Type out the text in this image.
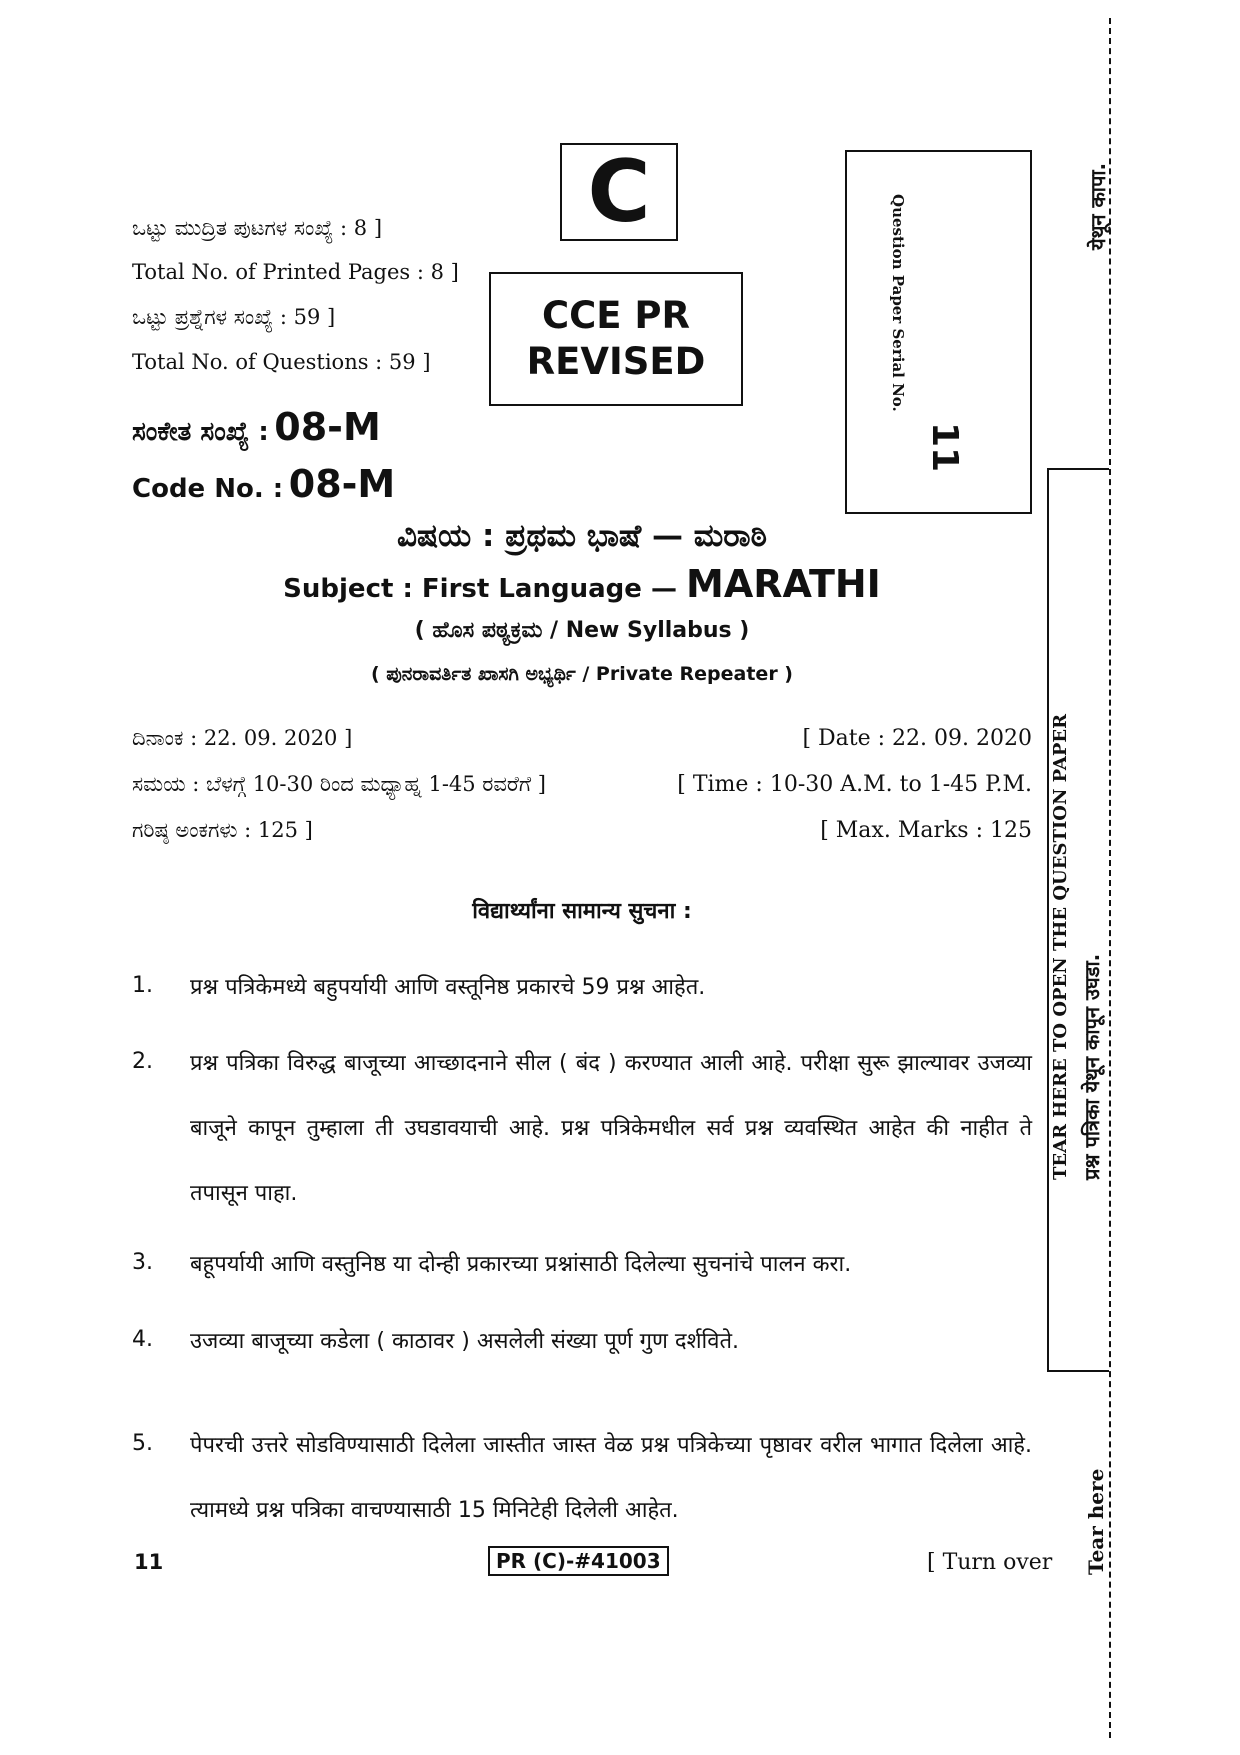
C
CCE PR
REVISED	Question Paper Serial No.
11
ಒಟ್ಟು ಮುದ್ರಿತ ಪುಟಗಳ ಸಂಖ್ಯೆ : 8 ]
Total No. of Printed Pages : 8 ]
ಒಟ್ಟು ಪ್ರಶ್ನೆಗಳ ಸಂಖ್ಯೆ : 59 ]
Total No. of Questions : 59 ]
ಸಂಕೇತ ಸಂಖ್ಯೆ : 08-M
Code No. : 08-M
ವಿಷಯ : ಪ್ರಥಮ ಭಾಷೆ — ಮರಾಠಿ
Subject : First Language — MARATHI
( ಹೊಸ ಪಠ್ಯಕ್ರಮ / New Syllabus )
( ಪುನರಾವರ್ತಿತ ಖಾಸಗಿ ಅಭ್ಯರ್ಥಿ / Private Repeater )
ದಿನಾಂಕ : 22. 09. 2020 ]	[ Date : 22. 09. 2020
ಸಮಯ : ಬೆಳಗ್ಗೆ 10-30 ರಿಂದ ಮಧ್ಯಾಹ್ನ 1-45 ರವರೆಗೆ ]	[ Time : 10-30 A.M. to 1-45 P.M.
ಗರಿಷ್ಠ ಅಂಕಗಳು : 125 ]	[ Max. Marks : 125
विद्यार्थ्यांना सामान्य सुचना :
1. प्रश्न पत्रिकेमध्ये बहुपर्यायी आणि वस्तूनिष्ठ प्रकारचे 59 प्रश्न आहेत.
2. प्रश्न पत्रिका विरुद्ध बाजूच्या आच्छादनाने सील ( बंद ) करण्यात आली आहे. परीक्षा सुरू झाल्यावर उजव्या बाजूने कापून तुम्हाला ती उघडावयाची आहे. प्रश्न पत्रिकेमधील सर्व प्रश्न व्यवस्थित आहेत की नाहीत ते तपासून पाहा.
3. बहूपर्यायी आणि वस्तुनिष्ठ या दोन्ही प्रकारच्या प्रश्नांसाठी दिलेल्या सुचनांचे पालन करा.
4. उजव्या बाजूच्या कडेला ( काठावर ) असलेली संख्या पूर्ण गुण दर्शविते.
5. पेपरची उत्तरे सोडविण्यासाठी दिलेला जास्तीत जास्त वेळ प्रश्न पत्रिकेच्या पृष्ठावर वरील भागात दिलेला आहे. त्यामध्ये प्रश्न पत्रिका वाचण्यासाठी 15 मिनिटेही दिलेली आहेत.
11	PR (C)-#41003	[ Turn over
येथून कापा.
TEAR HERE TO OPEN THE QUESTION PAPER प्रश्न पत्रिका येथून कापून उघडा.
Tear here
